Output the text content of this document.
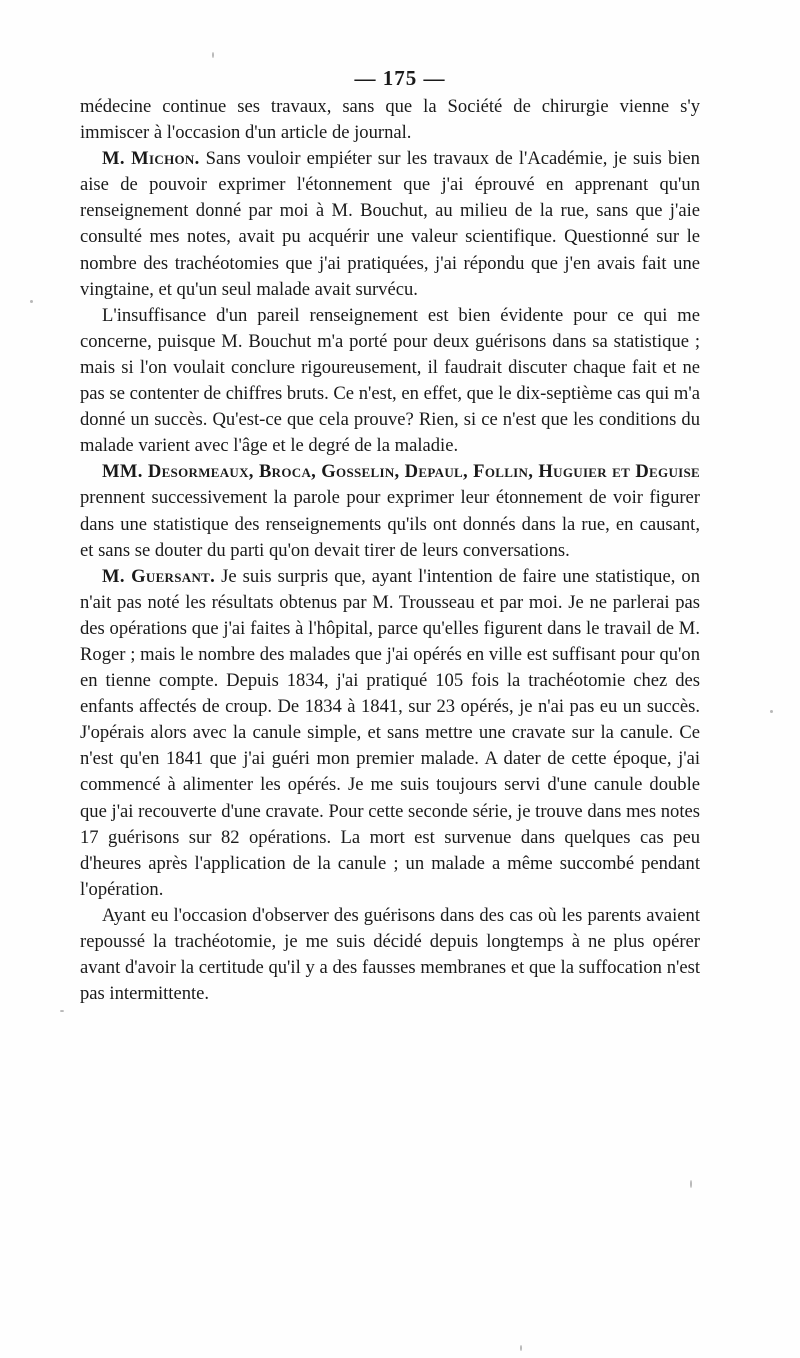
— 175 —

médecine continue ses travaux, sans que la Société de chirurgie vienne s'y immiscer à l'occasion d'un article de journal.

M. Michon. Sans vouloir empiéter sur les travaux de l'Académie, je suis bien aise de pouvoir exprimer l'étonnement que j'ai éprouvé en apprenant qu'un renseignement donné par moi à M. Bouchut, au milieu de la rue, sans que j'aie consulté mes notes, avait pu acquérir une valeur scientifique. Questionné sur le nombre des trachéotomies que j'ai pratiquées, j'ai répondu que j'en avais fait une vingtaine, et qu'un seul malade avait survécu.

L'insuffisance d'un pareil renseignement est bien évidente pour ce qui me concerne, puisque M. Bouchut m'a porté pour deux guérisons dans sa statistique ; mais si l'on voulait conclure rigoureusement, il faudrait discuter chaque fait et ne pas se contenter de chiffres bruts. Ce n'est, en effet, que le dix-septième cas qui m'a donné un succès. Qu'est-ce que cela prouve? Rien, si ce n'est que les conditions du malade varient avec l'âge et le degré de la maladie.

MM. Desormeaux, Broca, Gosselin, Depaul, Follin, Huguier et Deguise prennent successivement la parole pour exprimer leur étonnement de voir figurer dans une statistique des renseignements qu'ils ont donnés dans la rue, en causant, et sans se douter du parti qu'on devait tirer de leurs conversations.

M. Guersant. Je suis surpris que, ayant l'intention de faire une statistique, on n'ait pas noté les résultats obtenus par M. Trousseau et par moi. Je ne parlerai pas des opérations que j'ai faites à l'hôpital, parce qu'elles figurent dans le travail de M. Roger ; mais le nombre des malades que j'ai opérés en ville est suffisant pour qu'on en tienne compte. Depuis 1834, j'ai pratiqué 105 fois la trachéotomie chez des enfants affectés de croup. De 1834 à 1841, sur 23 opérés, je n'ai pas eu un succès. J'opérais alors avec la canule simple, et sans mettre une cravate sur la canule. Ce n'est qu'en 1841 que j'ai guéri mon premier malade. A dater de cette époque, j'ai commencé à alimenter les opérés. Je me suis toujours servi d'une canule double que j'ai recouverte d'une cravate. Pour cette seconde série, je trouve dans mes notes 17 guérisons sur 82 opérations. La mort est survenue dans quelques cas peu d'heures après l'application de la canule ; un malade a même succombé pendant l'opération.

Ayant eu l'occasion d'observer des guérisons dans des cas où les parents avaient repoussé la trachéotomie, je me suis décidé depuis longtemps à ne plus opérer avant d'avoir la certitude qu'il y a des fausses membranes et que la suffocation n'est pas intermittente.
